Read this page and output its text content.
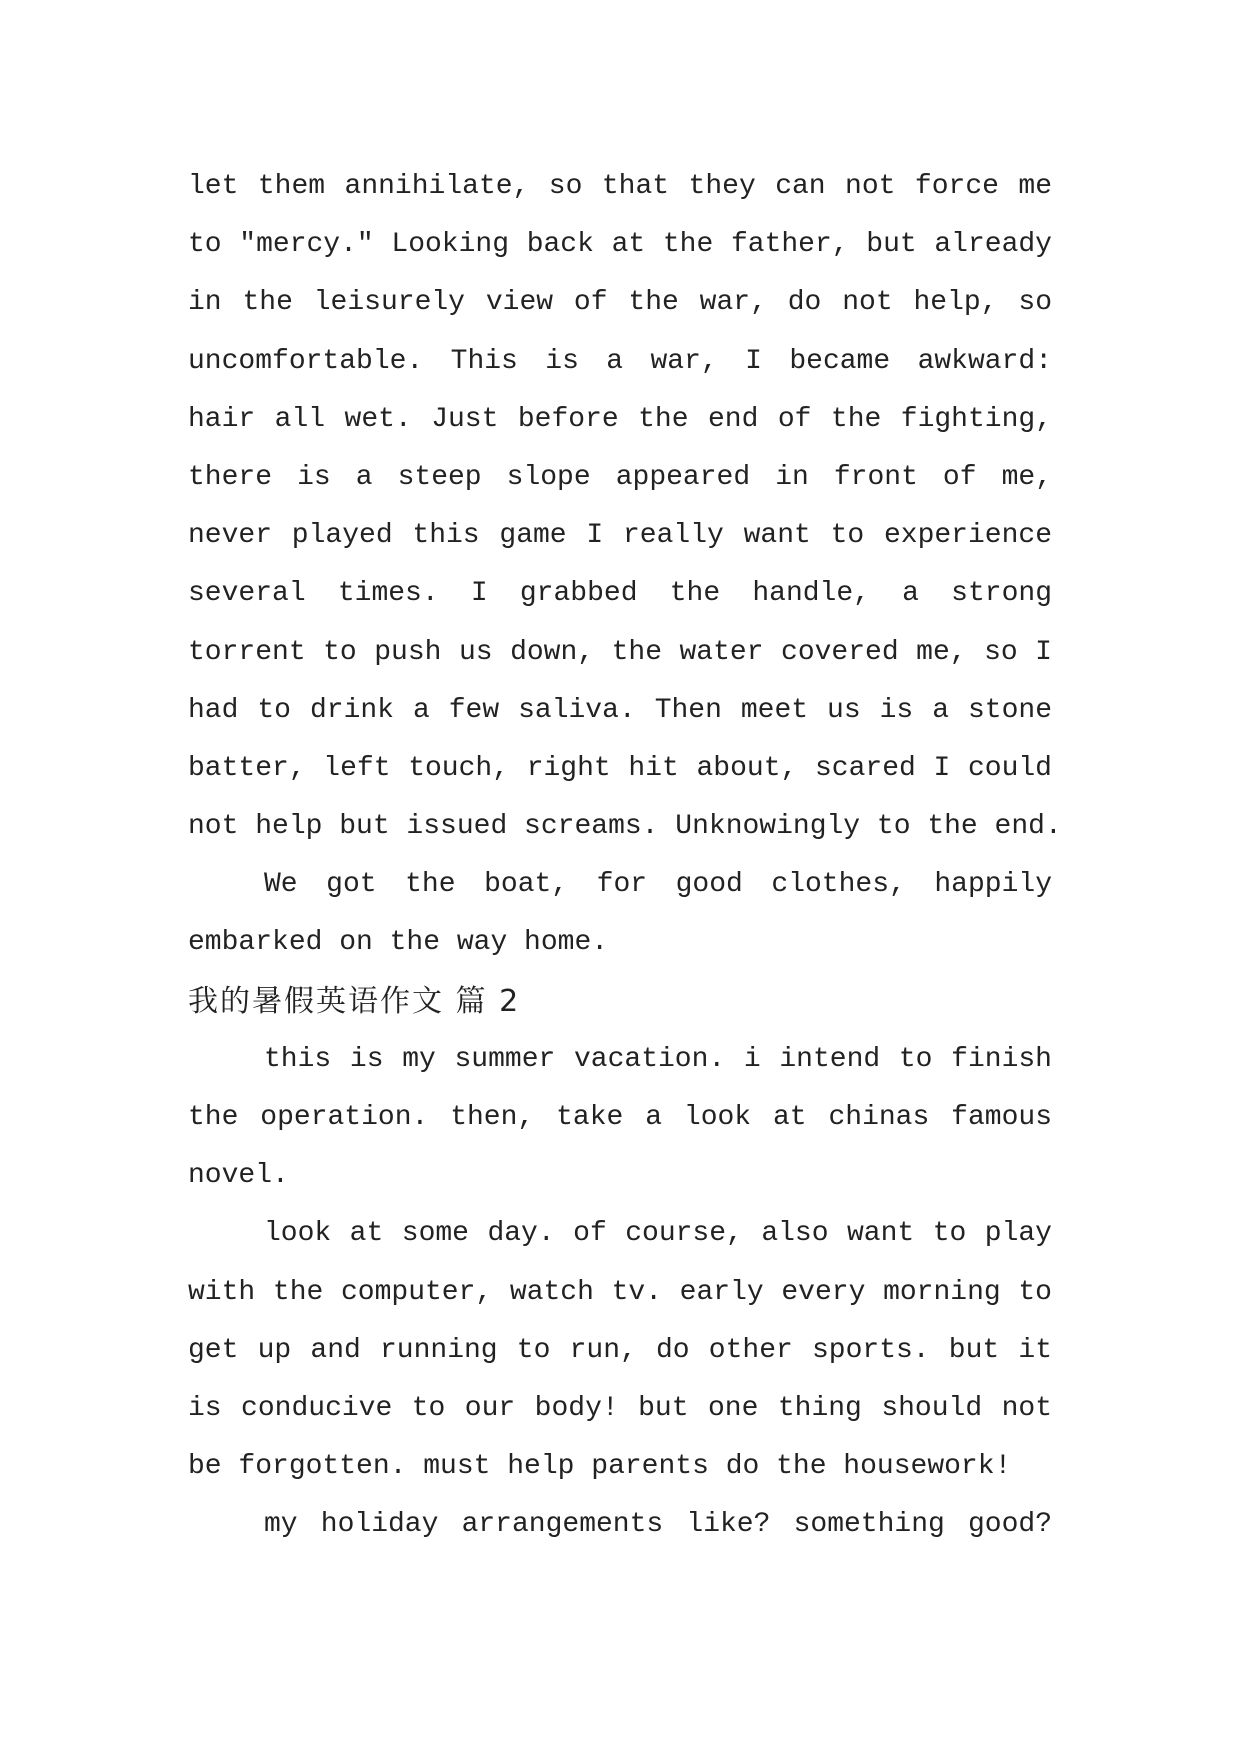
let them annihilate, so that they can not force me
to "mercy." Looking back at the father, but already
in the leisurely view of the war, do not help, so
uncomfortable. This is a war, I became awkward:
hair all wet. Just before the end of the fighting,
there is a steep slope appeared in front of me,
never played this game I really want to experience
several times. I grabbed the handle, a strong
torrent to push us down, the water covered me, so I
had to drink a few saliva. Then meet us is a stone
batter, left touch, right hit about, scared I could
not help but issued screams. Unknowingly to the end.
We got the boat, for good clothes, happily
embarked on the way home.
我的暑假英语作文 篇 2
this is my summer vacation. i intend to finish
the operation. then, take a look at chinas famous
novel.
look at some day. of course, also want to play
with the computer, watch tv. early every morning to
get up and running to run, do other sports. but it
is conducive to our body! but one thing should not
be forgotten. must help parents do the housework!
my holiday arrangements like? something good?
